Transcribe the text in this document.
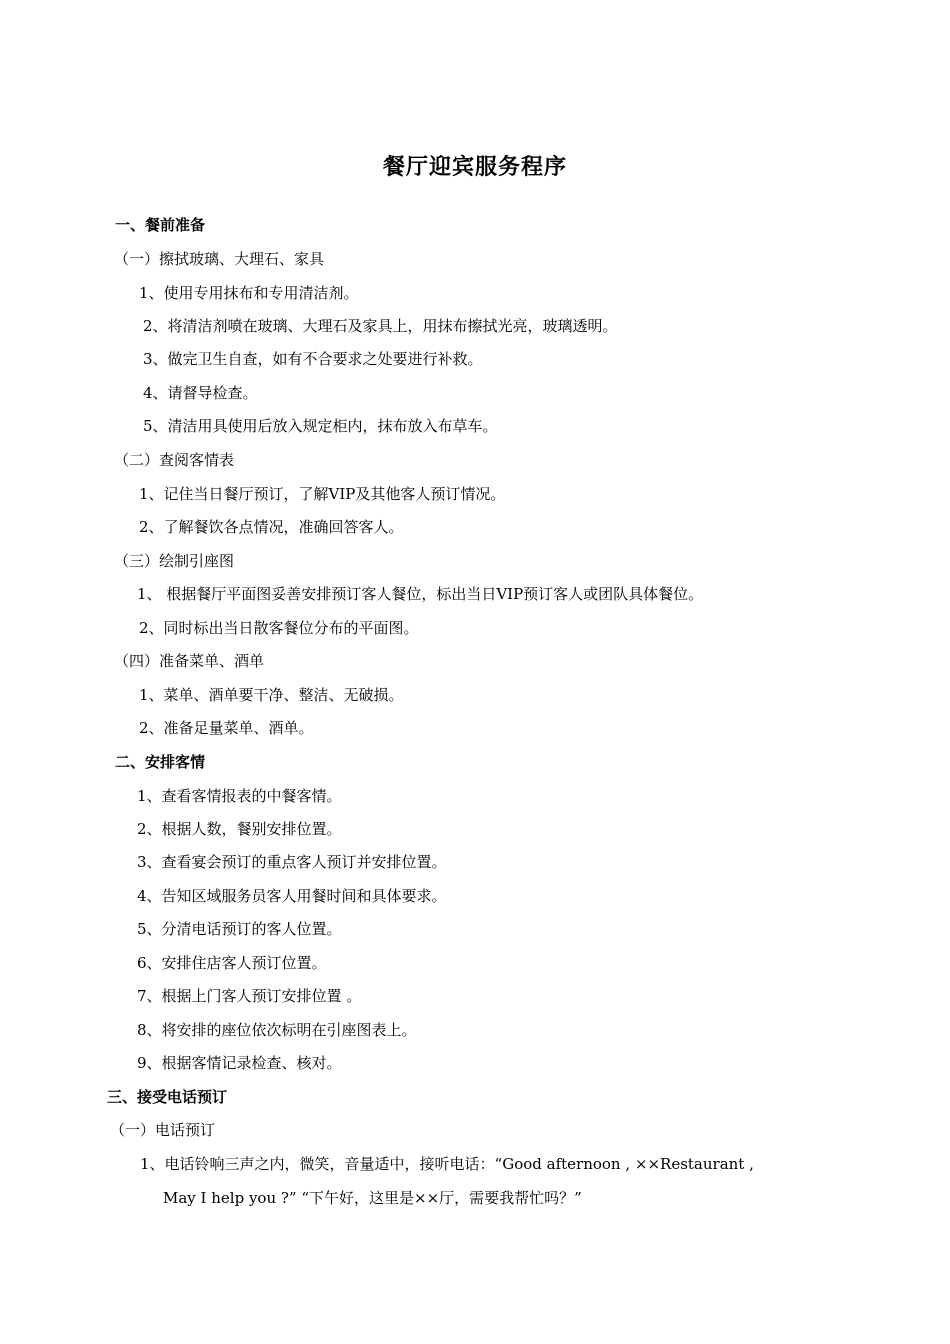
餐厅迎宾服务程序
一、餐前准备
（一）擦拭玻璃、大理石、家具
1、使用专用抹布和专用清洁剂。
2、将清洁剂喷在玻璃、大理石及家具上，用抹布擦拭光亮，玻璃透明。
3、做完卫生自查，如有不合要求之处要进行补救。
4、请督导检查。
5、清洁用具使用后放入规定柜内，抹布放入布草车。
（二）查阅客情表
1、记住当日餐厅预订，了解VIP及其他客人预订情况。
2、了解餐饮各点情况，准确回答客人。
（三）绘制引座图
1、 根据餐厅平面图妥善安排预订客人餐位，标出当日VIP预订客人或团队具体餐位。
2、同时标出当日散客餐位分布的平面图。
（四）准备菜单、酒单
1、菜单、酒单要干净、整洁、无破损。
2、准备足量菜单、酒单。
二、安排客情
1、查看客情报表的中餐客情。
2、根据人数，餐别安排位置。
3、查看宴会预订的重点客人预订并安排位置。
4、告知区域服务员客人用餐时间和具体要求。
5、分清电话预订的客人位置。
6、安排住店客人预订位置。
7、根据上门客人预订安排位置 。
8、将安排的座位依次标明在引座图表上。
9、根据客情记录检查、核对。
三、接受电话预订
（一）电话预订
1、电话铃响三声之内，微笑，音量适中，接听电话：“Good afternoon , ××Restaurant ,
May I help you ?” “下午好，这里是××厅，需要我帮忙吗？”
